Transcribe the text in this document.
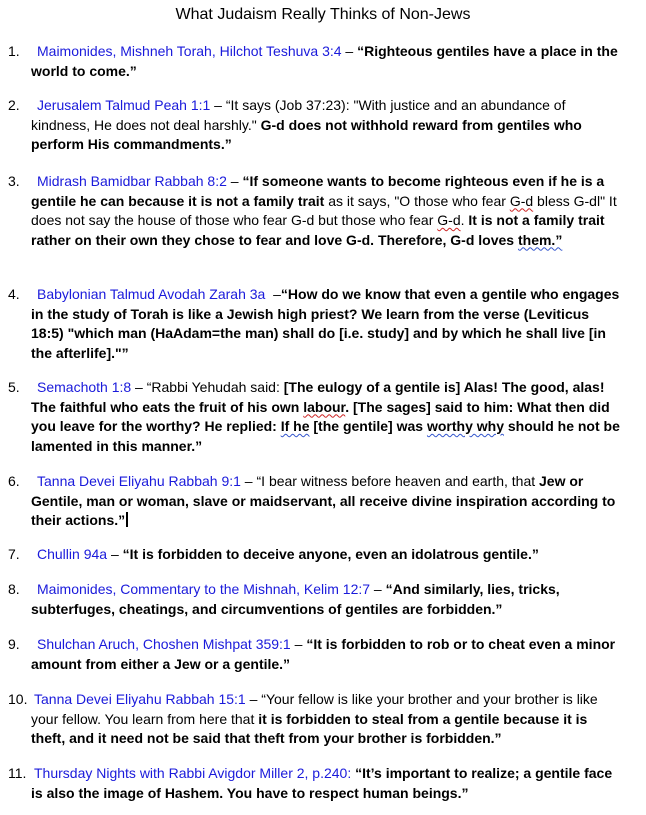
What Judaism Really Thinks of Non-Jews
1.	Maimonides, Mishneh Torah, Hilchot Teshuva 3:4 – “Righteous gentiles have a place in the world to come.”
2.	Jerusalem Talmud Peah 1:1 – “It says (Job 37:23): "With justice and an abundance of kindness, He does not deal harshly." G-d does not withhold reward from gentiles who perform His commandments.”
3.	Midrash Bamidbar Rabbah 8:2 – “If someone wants to become righteous even if he is a gentile he can because it is not a family trait as it says, "O those who fear G-d bless G-dl" It does not say the house of those who fear G-d but those who fear G-d. It is not a family trait rather on their own they chose to fear and love G-d. Therefore, G-d loves them.”
4.	Babylonian Talmud Avodah Zarah 3a  –“How do we know that even a gentile who engages in the study of Torah is like a Jewish high priest? We learn from the verse (Leviticus 18:5) "which man (HaAdam=the man) shall do [i.e. study] and by which he shall live [in the afterlife]."”
5.	Semachoth 1:8 – “Rabbi Yehudah said: [The eulogy of a gentile is] Alas! The good, alas! The faithful who eats the fruit of his own labour. [The sages] said to him: What then did you leave for the worthy? He replied: If he [the gentile] was worthy why should he not be lamented in this manner.”
6.	Tanna Devei Eliyahu Rabbah 9:1 – “I bear witness before heaven and earth, that Jew or Gentile, man or woman, slave or maidservant, all receive divine inspiration according to their actions.”
7.	Chullin 94a – “It is forbidden to deceive anyone, even an idolatrous gentile.”
8.	Maimonides, Commentary to the Mishnah, Kelim 12:7 – “And similarly, lies, tricks, subterfuges, cheatings, and circumventions of gentiles are forbidden.”
9.	Shulchan Aruch, Choshen Mishpat 359:1 – “It is forbidden to rob or to cheat even a minor amount from either a Jew or a gentile.”
10. Tanna Devei Eliyahu Rabbah 15:1 – “Your fellow is like your brother and your brother is like your fellow. You learn from here that it is forbidden to steal from a gentile because it is theft, and it need not be said that theft from your brother is forbidden.”
11. Thursday Nights with Rabbi Avigdor Miller 2, p.240: “It’s important to realize; a gentile face is also the image of Hashem. You have to respect human beings.”
